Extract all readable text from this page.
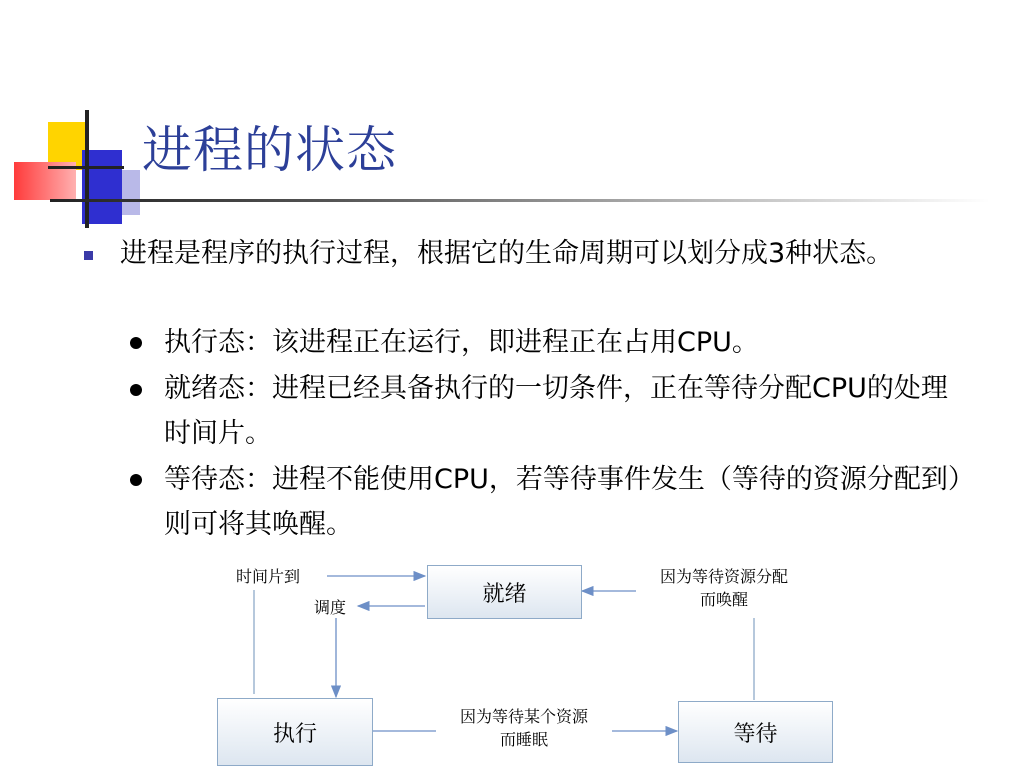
进程的状态
进程是程序的执行过程，根据它的生命周期可以划分成3种状态。
执行态：该进程正在运行，即进程正在占用CPU。
就绪态：进程已经具备执行的一切条件，正在等待分配CPU的处理时间片。
等待态：进程不能使用CPU，若等待事件发生（等待的资源分配到）则可将其唤醒。
就绪
执行	等待
时间片到
调度
因为等待资源分配
而唤醒
因为等待某个资源
而睡眠
